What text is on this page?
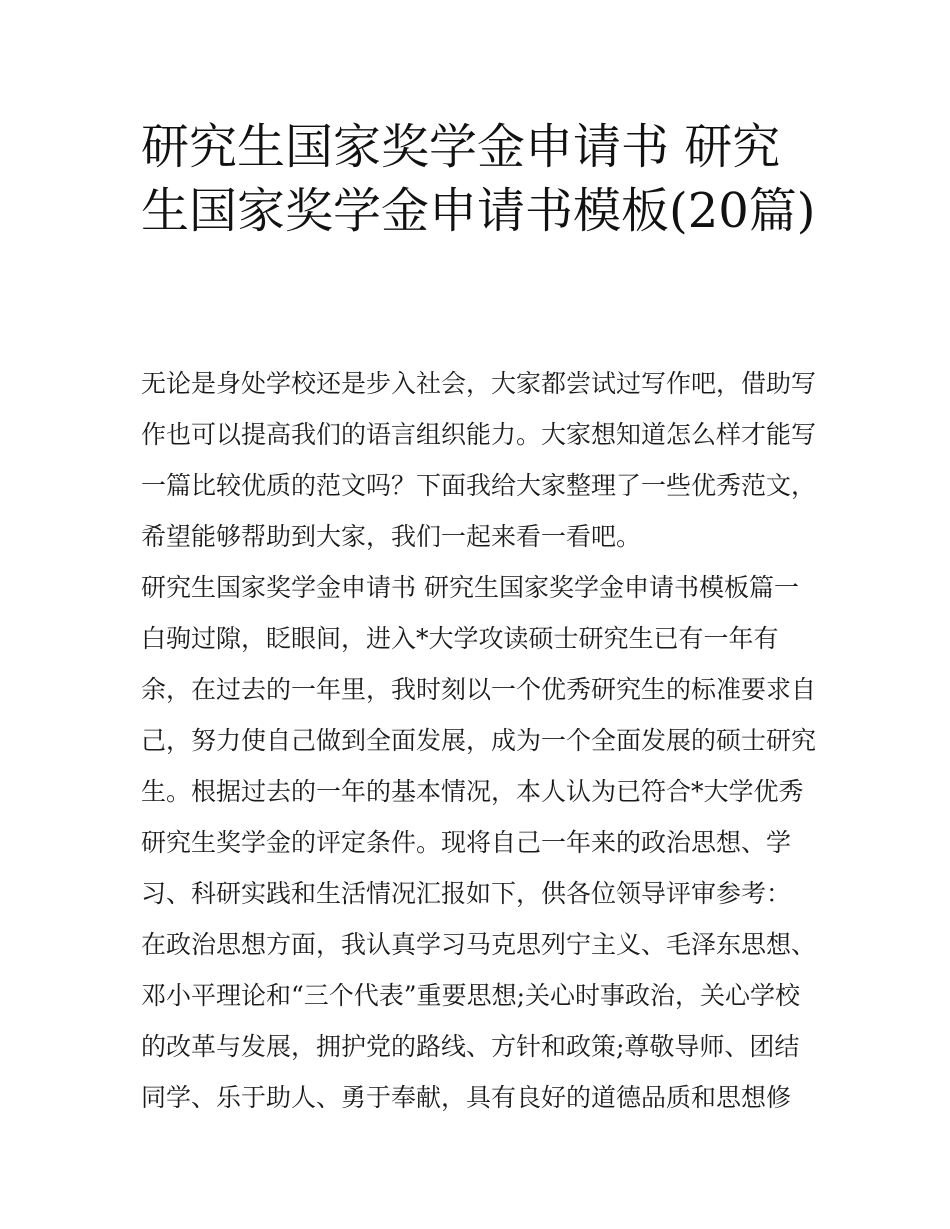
研究生国家奖学金申请书 研究生国家奖学金申请书模板(20篇)
无论是身处学校还是步入社会，大家都尝试过写作吧，借助写
作也可以提高我们的语言组织能力。大家想知道怎么样才能写
一篇比较优质的范文吗？下面我给大家整理了一些优秀范文，
希望能够帮助到大家，我们一起来看一看吧。
研究生国家奖学金申请书 研究生国家奖学金申请书模板篇一
白驹过隙，眨眼间，进入*大学攻读硕士研究生已有一年有
余，在过去的一年里，我时刻以一个优秀研究生的标准要求自
己，努力使自己做到全面发展，成为一个全面发展的硕士研究
生。根据过去的一年的基本情况，本人认为已符合*大学优秀
研究生奖学金的评定条件。现将自己一年来的政治思想、学
习、科研实践和生活情况汇报如下，供各位领导评审参考：
在政治思想方面，我认真学习马克思列宁主义、毛泽东思想、
邓小平理论和“三个代表”重要思想;关心时事政治，关心学校
的改革与发展，拥护党的路线、方针和政策;尊敬导师、团结
同学、乐于助人、勇于奉献，具有良好的道德品质和思想修
